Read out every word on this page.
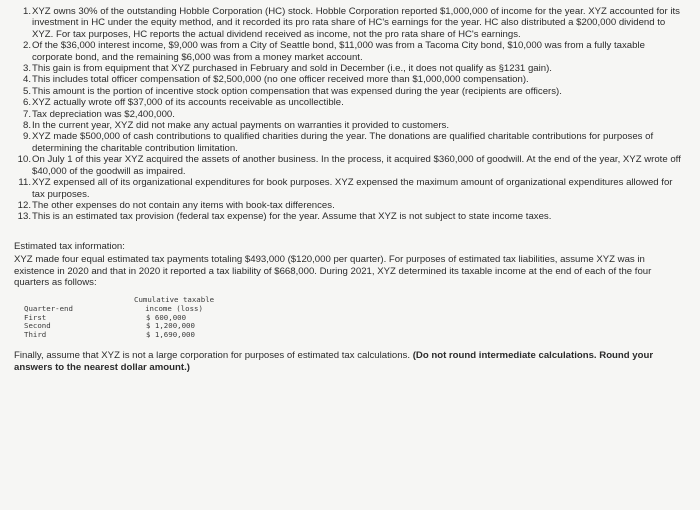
1. XYZ owns 30% of the outstanding Hobble Corporation (HC) stock. Hobble Corporation reported $1,000,000 of income for the year. XYZ accounted for its investment in HC under the equity method, and it recorded its pro rata share of HC's earnings for the year. HC also distributed a $200,000 dividend to XYZ. For tax purposes, HC reports the actual dividend received as income, not the pro rata share of HC's earnings.
2. Of the $36,000 interest income, $9,000 was from a City of Seattle bond, $11,000 was from a Tacoma City bond, $10,000 was from a fully taxable corporate bond, and the remaining $6,000 was from a money market account.
3. This gain is from equipment that XYZ purchased in February and sold in December (i.e., it does not qualify as §1231 gain).
4. This includes total officer compensation of $2,500,000 (no one officer received more than $1,000,000 compensation).
5. This amount is the portion of incentive stock option compensation that was expensed during the year (recipients are officers).
6. XYZ actually wrote off $37,000 of its accounts receivable as uncollectible.
7. Tax depreciation was $2,400,000.
8. In the current year, XYZ did not make any actual payments on warranties it provided to customers.
9. XYZ made $500,000 of cash contributions to qualified charities during the year. The donations are qualified charitable contributions for purposes of determining the charitable contribution limitation.
10. On July 1 of this year XYZ acquired the assets of another business. In the process, it acquired $360,000 of goodwill. At the end of the year, XYZ wrote off $40,000 of the goodwill as impaired.
11. XYZ expensed all of its organizational expenditures for book purposes. XYZ expensed the maximum amount of organizational expenditures allowed for tax purposes.
12. The other expenses do not contain any items with book-tax differences.
13. This is an estimated tax provision (federal tax expense) for the year. Assume that XYZ is not subject to state income taxes.

Estimated tax information:

XYZ made four equal estimated tax payments totaling $493,000 ($120,000 per quarter). For purposes of estimated tax liabilities, assume XYZ was in existence in 2020 and that in 2020 it reported a tax liability of $668,000. During 2021, XYZ determined its taxable income at the end of each of the four quarters as follows:

Quarter-end	Cumulative taxable
income (loss)

First	$ 600,000
Second	$ 1,200,000
Third	$ 1,690,000

Finally, assume that XYZ is not a large corporation for purposes of estimated tax calculations. (Do not round intermediate calculations. Round your answers to the nearest dollar amount.)
